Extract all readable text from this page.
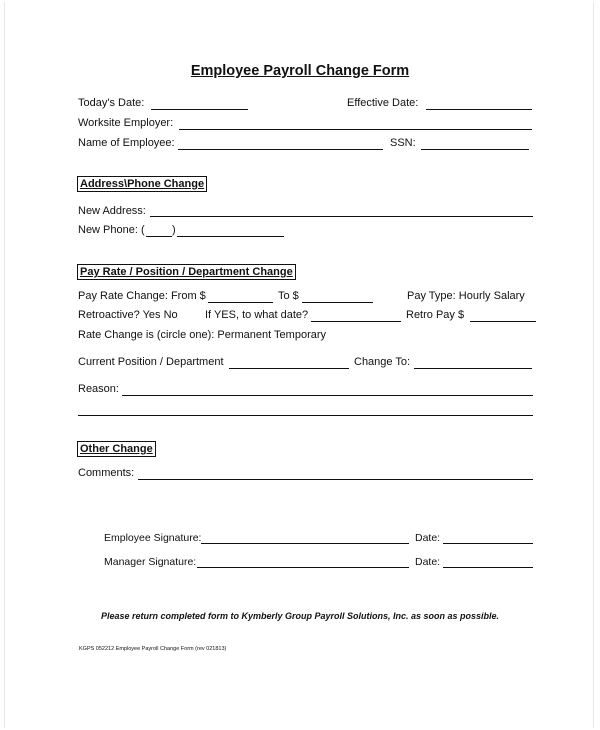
Employee Payroll Change Form
Today's Date:	Effective Date:
Worksite Employer:
Name of Employee:	SSN:
Address\Phone Change
New Address:
New Phone: ( )
Pay Rate / Position / Department Change
Pay Rate Change: From $	To $	Pay Type: Hourly Salary
Retroactive? Yes No If YES, to what date?	Retro Pay $
Rate Change is (circle one): Permanent Temporary
Current Position / Department	Change To:
Reason:
Other Change
Comments:
Employee Signature:	Date:
Manager Signature:	Date:
Please return completed form to Kymberly Group Payroll Solutions, Inc. as soon as possible.
KGPS 052212 Employee Payroll Change Form (rev 021813)
